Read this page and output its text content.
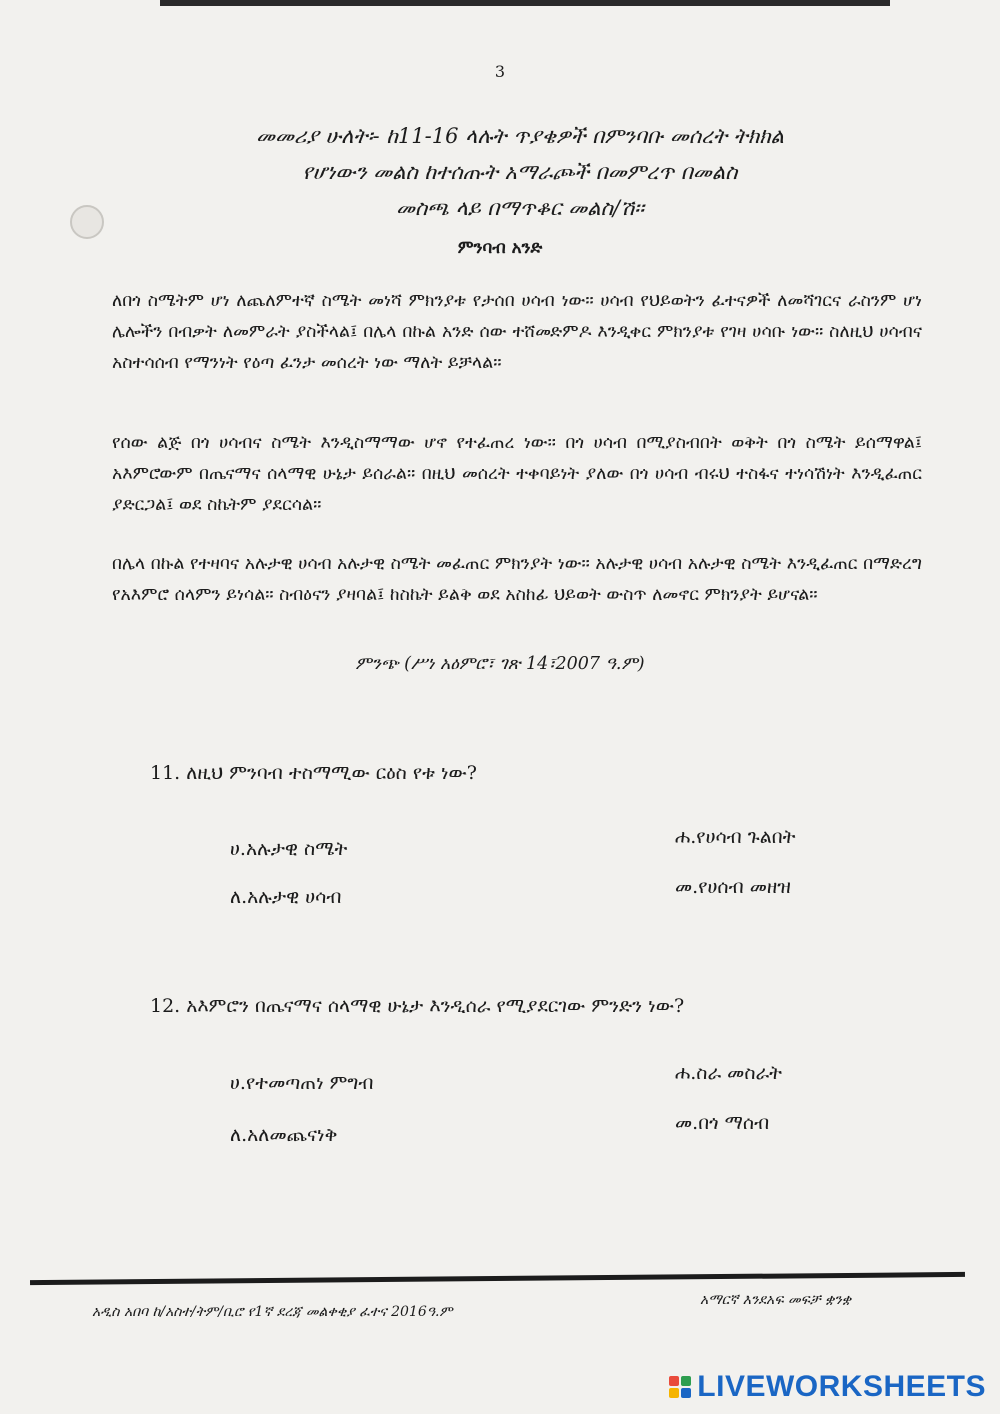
3
መመሪያ ሁለት፡- ከ11-16 ላሉት ጥያቄዎች በምንባቡ መሰረት ትክክል
የሆነውን መልስ ከተሰጡት አማራጮች በመምረጥ በመልስ
መስጫ ላይ በማጥቆር መልስ/ሽ፡፡
ምንባብ አንድ
ለበጎ ስሜትም ሆነ ለጨለምተኛ ስሜት መነሻ ምክንያቱ የታሰበ ሀሳብ ነው፡፡ ሀሳብ የህይወትን ፈተናዎች ለመሻገርና ራስንም ሆነ ሌሎችን በብቃት ለመምራት ያስችላል፤ በሌላ በኩል አንድ ሰው ተሸመድምዶ እንዲቀር ምክንያቱ የገዛ ሀሳቡ ነው፡፡ ስለዚህ ሀሳብና አስተሳሰብ የማንነት የዕጣ ፈንታ መሰረት ነው ማለት ይቻላል፡፡
የሰው ልጅ በጎ ሀሳብና ስሜት እንዲስማማው ሆኖ የተፈጠረ ነው፡፡ በጎ ሀሳብ በሚያስብበት ወቅት በጎ ስሜት ይሰማዋል፤ አእምሮውም በጤናማና ሰላማዊ ሁኔታ ይሰራል፡፡ በዚህ መሰረት ተቀባይነት ያለው በጎ ሀሳብ ብሩህ ተስፋና ተነሳሽነት እንዲፈጠር ያድርጋል፤ ወደ ስኬትም ያደርሳል፡፡
በሌላ በኩል የተዛባና አሉታዊ ሀሳብ አሉታዊ ስሜት መፈጠር ምክንያት ነው፡፡ አሉታዊ ሀሳብ አሉታዊ ስሜት እንዲፈጠር በማድረግ የአእምሮ ሰላምን ይነሳል፡፡ ስብዕናን ያዛባል፤ ከስኬት ይልቅ ወደ አስከፊ ህይወት ውስጥ ለመኖር ምክንያት ይሆናል፡፡
ምንጭ (ሥነ አዕምሮ፣ ገጽ 14፣2007 ዓ.ም)
11. ለዚህ ምንባብ ተስማሚው ርዕስ የቱ ነው?
ሀ.አሉታዊ ስሜት
ሐ.የሀሳብ ጉልበት
ለ.አሉታዊ ሀሳብ	መ.የሀሰብ መዘዝ
12. አእምሮን በጤናማና ሰላማዊ ሁኔታ እንዲሰራ የሚያደርገው ምንድን ነው?
ሀ.የተመጣጠነ ምግብ	ሐ.ስራ መስራት
ለ.አለመጨናነቅ
መ.በጎ ማሰብ
አዲስ አበባ ከ/አስተ/ትም/ቢሮ የ1ኛ ደረጃ መልቀቂያ ፈተና 2016ዓ.ም
አማርኛ እንደአፍ መፍቻ ቋንቋ
LIVEWORKSHEETS
